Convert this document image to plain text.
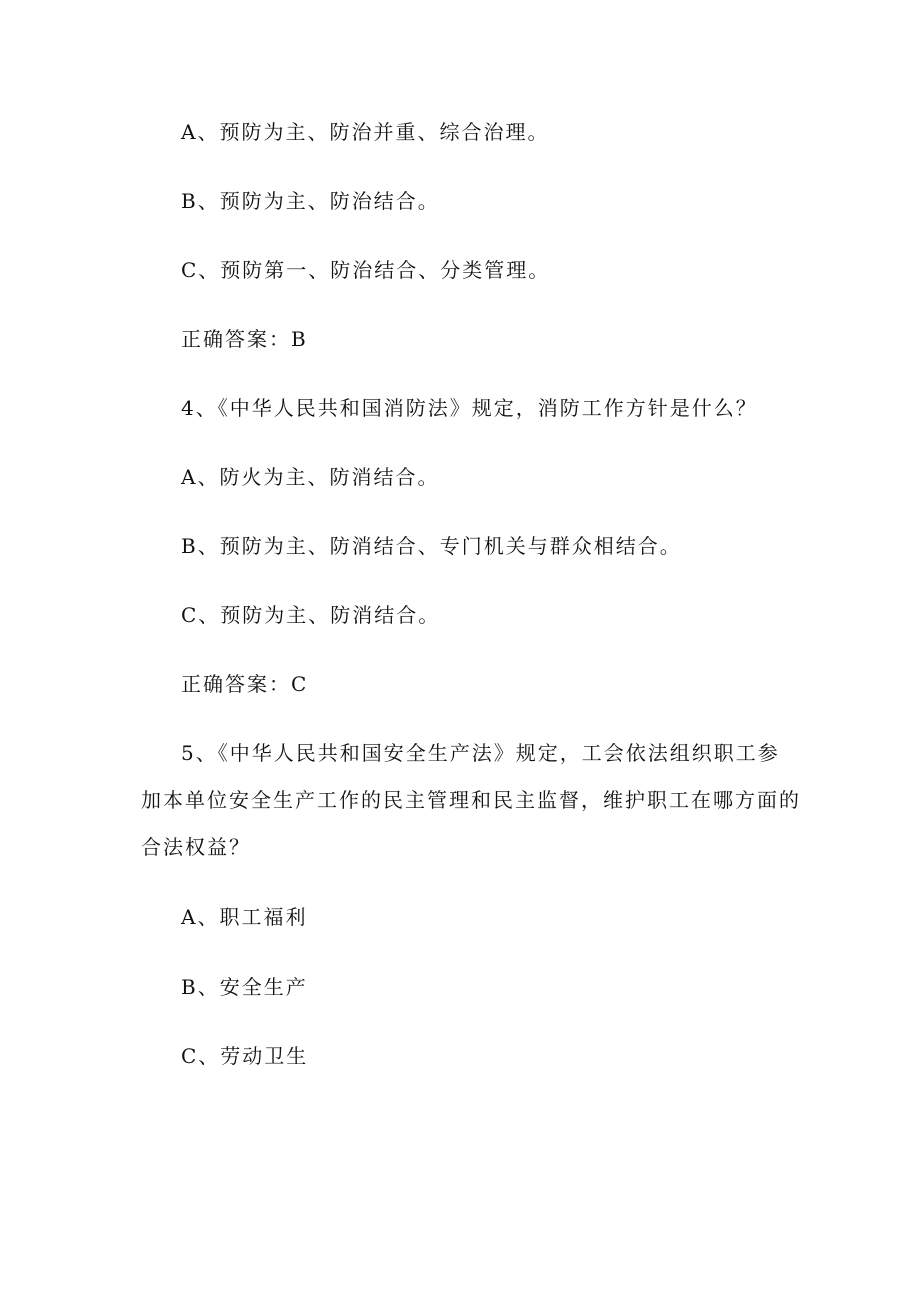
A、预防为主、防治并重、综合治理。
B、预防为主、防治结合。
C、预防第一、防治结合、分类管理。
正确答案：B
4、《中华人民共和国消防法》规定，消防工作方针是什么？
A、防火为主、防消结合。
B、预防为主、防消结合、专门机关与群众相结合。
C、预防为主、防消结合。
正确答案：C
5、《中华人民共和国安全生产法》规定，工会依法组织职工参
加本单位安全生产工作的民主管理和民主监督，维护职工在哪方面的
合法权益？
A、职工福利
B、安全生产
C、劳动卫生
